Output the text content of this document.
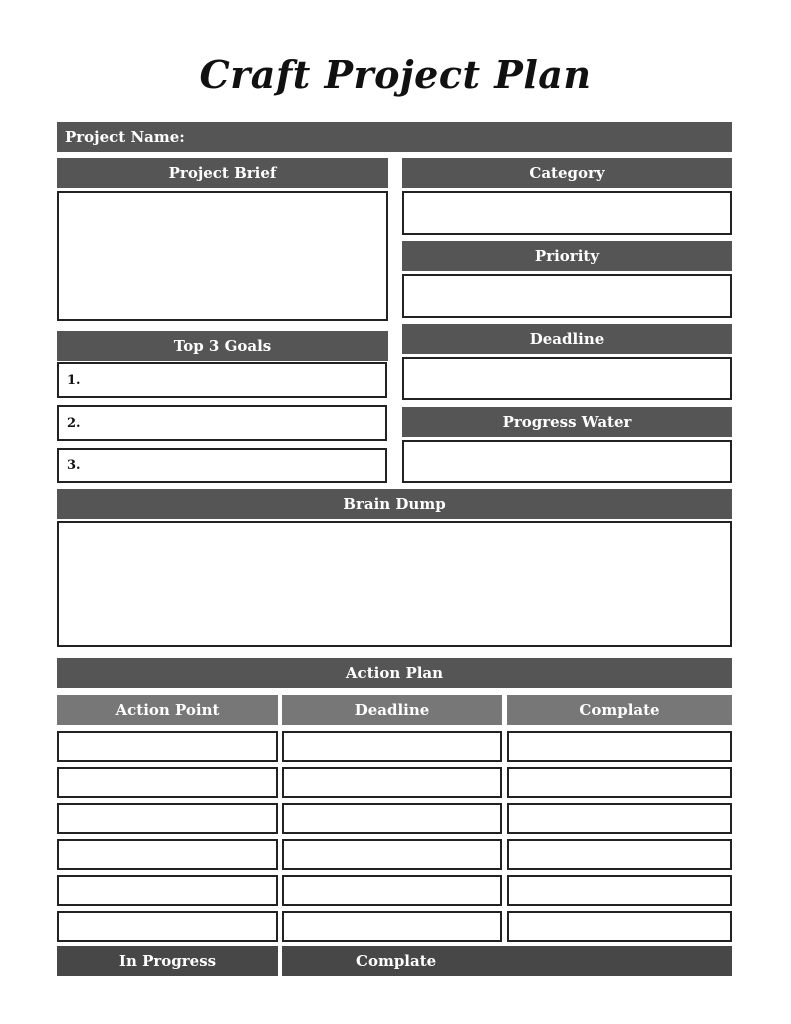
Craft Project Plan
Project Name:
Project Brief
Top 3 Goals
1.
2.
3.
Category
Priority
Deadline
Progress Water
Brain Dump
Action Plan
Action Point	Deadline	Complate
In Progress	Complate
